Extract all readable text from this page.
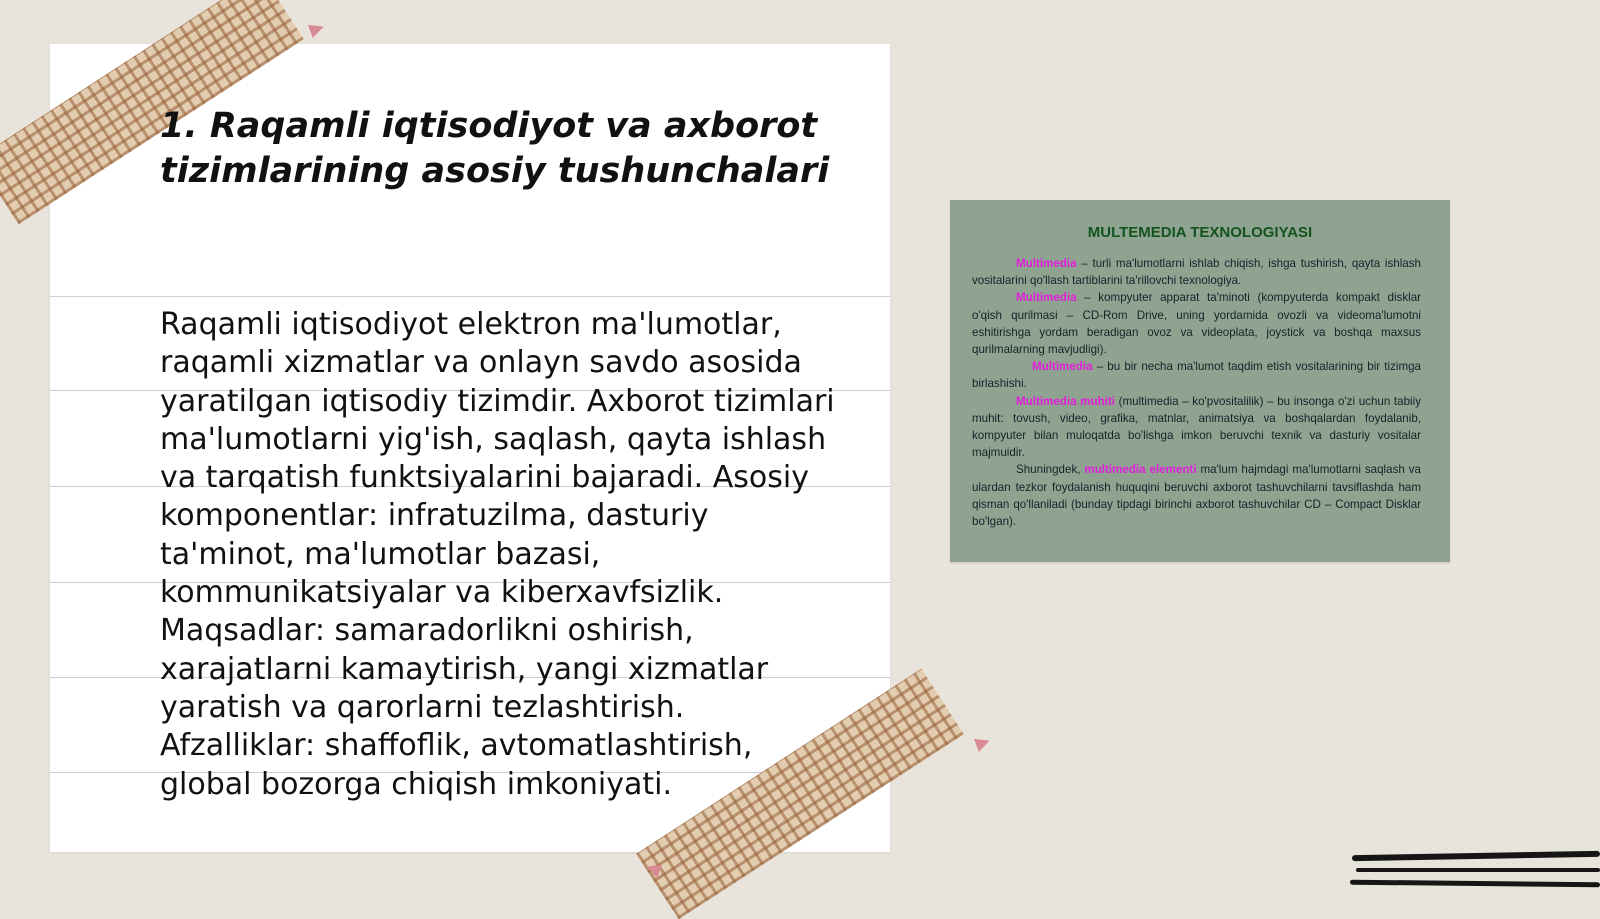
1. Raqamli iqtisodiyot va axborot tizimlarining asosiy tushunchalari

Raqamli iqtisodiyot elektron ma'lumotlar, raqamli xizmatlar va onlayn savdo asosida yaratilgan iqtisodiy tizimdir. Axborot tizimlari ma'lumotlarni yig'ish, saqlash, qayta ishlash va tarqatish funktsiyalarini bajaradi. Asosiy komponentlar: infratuzilma, dasturiy ta'minot, ma'lumotlar bazasi, kommunikatsiyalar va kiberxavfsizlik. Maqsadlar: samaradorlikni oshirish, xarajatlarni kamaytirish, yangi xizmatlar yaratish va qarorlarni tezlashtirish. Afzalliklar: shaffoflik, avtomatlashtirish, global bozorga chiqish imkoniyati.

MULTEMEDIA TEXNOLOGIYASI

Multimedia – turli ma'lumotlarni ishlab chiqish, ishga tushirish, qayta ishlash vositalarini qo'llash tartiblarini ta'rillovchi texnologiya.

Multimedia – kompyuter apparat ta'minoti (kompyuterda kompakt disklar o'qish qurilmasi – CD-Rom Drive, uning yordamida ovozli va videoma'lumotni eshitirishga yordam beradigan ovoz va videoplata, joystick va boshqa maxsus qurilmalarning mavjudligi).

Multimedia – bu bir necha ma'lumot taqdim etish vositalarining bir tizimga birlashishi.

Multimedia muhiti (multimedia – ko'pvositalilik) – bu insonga o'zi uchun tabiiy muhit: tovush, video, grafika, matnlar, animatsiya va boshqalardan foydalanib, kompyuter bilan muloqatda bo'lishga imkon beruvchi texnik va dasturiy vositalar majmuidir.

Shuningdek, multimedia elementi ma'lum hajmdagi ma'lumotlarni saqlash va ulardan tezkor foydalanish huquqini beruvchi axborot tashuvchilarni tavsiflashda ham qisman qo'llaniladi (bunday tipdagi birinchi axborot tashuvchilar CD – Compact Disklar bo'lgan).
